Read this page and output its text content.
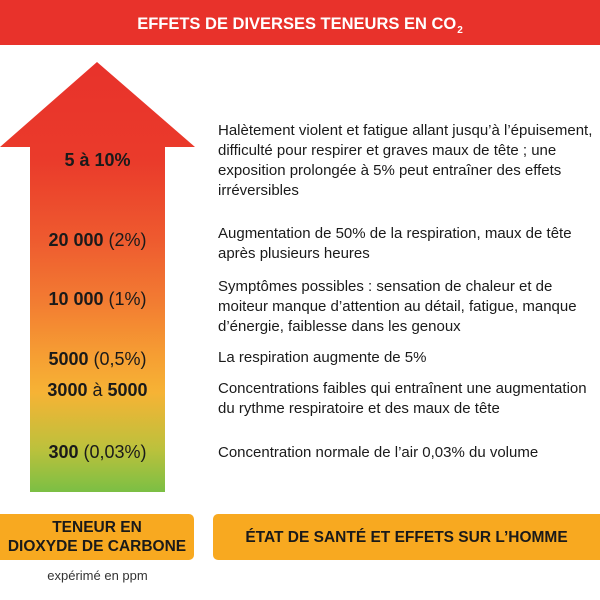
EFFETS DE DIVERSES TENEURS EN $CO_2$
5 à 10%
20 000 (2%)
10 000 (1%)
5000 (0,5%)
3000 à 5000
300 (0,03%)

Halètement violent et fatigue allant jusqu’à l’épuisement, difficulté pour respirer et graves maux de tête ; une exposition prolongée à 5% peut entraîner des effets irréversibles

Augmentation de 50% de la respiration, maux de tête après plusieurs heures

Symptômes possibles : sensation de chaleur et de moiteur manque d’attention au détail, fatigue, manque d’énergie, faiblesse dans les genoux

La respiration augmente de 5%

Concentrations faibles qui entraînent une augmentation du rythme respiratoire et des maux de tête

Concentration normale de l’air 0,03% du volume

TENEUR EN
DIOXYDE DE CARBONE
ÉTAT DE SANTÉ ET EFFETS SUR L’HOMME
expérimé en ppm
